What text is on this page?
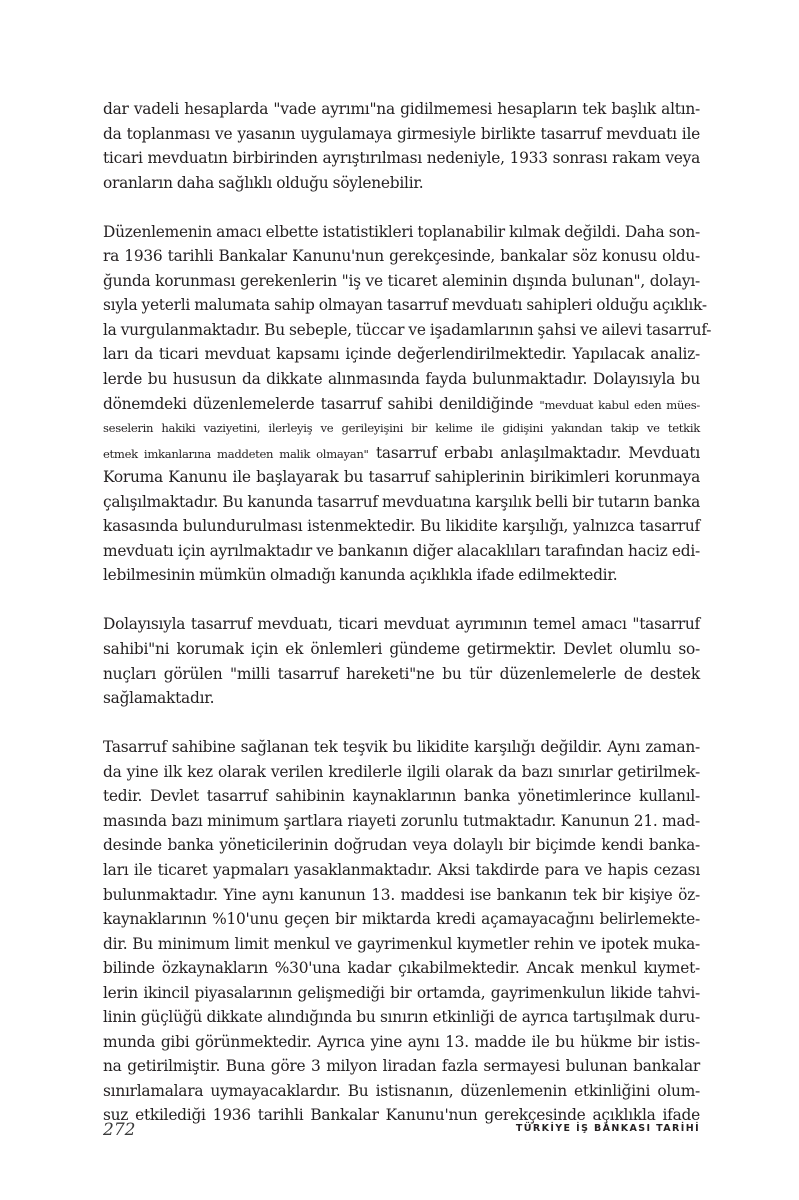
dar vadeli hesaplarda "vade ayrımı"na gidilmemesi hesapların tek başlık altın-
da toplanması ve yasanın uygulamaya girmesiyle birlikte tasarruf mevduatı ile
ticari mevduatın birbirinden ayrıştırılması nedeniyle, 1933 sonrası rakam veya
oranların daha sağlıklı olduğu söylenebilir.

Düzenlemenin amacı elbette istatistikleri toplanabilir kılmak değildi. Daha son-
ra 1936 tarihli Bankalar Kanunu'nun gerekçesinde, bankalar söz konusu oldu-
ğunda korunması gerekenlerin "iş ve ticaret aleminin dışında bulunan", dolayı-
sıyla yeterli malumata sahip olmayan tasarruf mevduatı sahipleri olduğu açıklık-
la vurgulanmaktadır. Bu sebeple, tüccar ve işadamlarının şahsi ve ailevi tasarruf-
ları da ticari mevduat kapsamı içinde değerlendirilmektedir. Yapılacak analiz-
lerde bu hususun da dikkate alınmasında fayda bulunmaktadır. Dolayısıyla bu
dönemdeki düzenlemelerde tasarruf sahibi denildiğinde "mevduat kabul eden mües-
seselerin hakiki vaziyetini, ilerleyiş ve gerileyişini bir kelime ile gidişini yakından takip ve tetkik
etmek imkanlarına maddeten malik olmayan" tasarruf erbabı anlaşılmaktadır. Mevduatı
Koruma Kanunu ile başlayarak bu tasarruf sahiplerinin birikimleri korunmaya
çalışılmaktadır. Bu kanunda tasarruf mevduatına karşılık belli bir tutarın banka
kasasında bulundurulması istenmektedir. Bu likidite karşılığı, yalnızca tasarruf
mevduatı için ayrılmaktadır ve bankanın diğer alacaklıları tarafından haciz edi-
lebilmesinin mümkün olmadığı kanunda açıklıkla ifade edilmektedir.

Dolayısıyla tasarruf mevduatı, ticari mevduat ayrımının temel amacı "tasarruf
sahibi"ni korumak için ek önlemleri gündeme getirmektir. Devlet olumlu so-
nuçları görülen "milli tasarruf hareketi"ne bu tür düzenlemelerle de destek
sağlamaktadır.

Tasarruf sahibine sağlanan tek teşvik bu likidite karşılığı değildir. Aynı zaman-
da yine ilk kez olarak verilen kredilerle ilgili olarak da bazı sınırlar getirilmek-
tedir. Devlet tasarruf sahibinin kaynaklarının banka yönetimlerince kullanıl-
masında bazı minimum şartlara riayeti zorunlu tutmaktadır. Kanunun 21. mad-
desinde banka yöneticilerinin doğrudan veya dolaylı bir biçimde kendi banka-
ları ile ticaret yapmaları yasaklanmaktadır. Aksi takdirde para ve hapis cezası
bulunmaktadır. Yine aynı kanunun 13. maddesi ise bankanın tek bir kişiye öz-
kaynaklarının %10'unu geçen bir miktarda kredi açamayacağını belirlemekte-
dir. Bu minimum limit menkul ve gayrimenkul kıymetler rehin ve ipotek muka-
bilinde özkaynakların %30'una kadar çıkabilmektedir. Ancak menkul kıymet-
lerin ikincil piyasalarının gelişmediği bir ortamda, gayrimenkulun likide tahvi-
linin güçlüğü dikkate alındığında bu sınırın etkinliği de ayrıca tartışılmak duru-
munda gibi görünmektedir. Ayrıca yine aynı 13. madde ile bu hükme bir istis-
na getirilmiştir. Buna göre 3 milyon liradan fazla sermayesi bulunan bankalar
sınırlamalara uymayacaklardır. Bu istisnanın, düzenlemenin etkinliğini olum-
suz etkilediği 1936 tarihli Bankalar Kanunu'nun gerekçesinde açıklıkla ifade

272	TÜRKİYE İŞ BANKASI TARİHİ
